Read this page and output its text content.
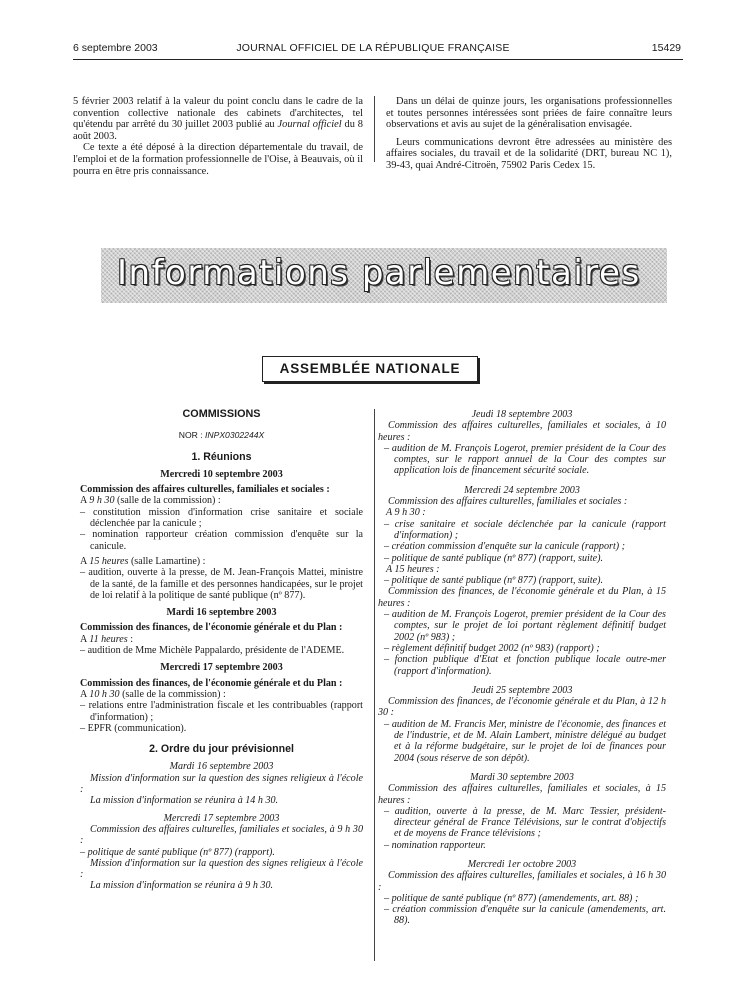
6 septembre 2003	JOURNAL OFFICIEL DE LA RÉPUBLIQUE FRANÇAISE	15429

5 février 2003 relatif à la valeur du point conclu dans le cadre de la convention collective nationale des cabinets d'architectes, tel qu'étendu par arrêté du 30 juillet 2003 publié au Journal officiel du 8 août 2003.

Ce texte a été déposé à la direction départementale du travail, de l'emploi et de la formation professionnelle de l'Oise, à Beauvais, où il pourra en être pris connaissance.

Dans un délai de quinze jours, les organisations professionnelles et toutes personnes intéressées sont priées de faire connaître leurs observations et avis au sujet de la généralisation envisagée.

Leurs communications devront être adressées au ministère des affaires sociales, du travail et de la solidarité (DRT, bureau NC 1), 39-43, quai André-Citroën, 75902 Paris Cedex 15.

Informations parlementaires
ASSEMBLÉE NATIONALE
COMMISSIONS
NOR : INPX0302244X
1. Réunions
Mercredi 10 septembre 2003
Commission des affaires culturelles, familiales et sociales :
A 9 h 30 (salle de la commission) :
– constitution mission d'information crise sanitaire et sociale déclenchée par la canicule ;
– nomination rapporteur création commission d'enquête sur la canicule.
A 15 heures (salle Lamartine) :
– audition, ouverte à la presse, de M. Jean-François Mattei, ministre de la santé, de la famille et des personnes handicapées, sur le projet de loi relatif à la politique de santé publique (nº 877).
Mardi 16 septembre 2003
Commission des finances, de l'économie générale et du Plan :
A 11 heures :
– audition de Mme Michèle Pappalardo, présidente de l'ADEME.
Mercredi 17 septembre 2003
Commission des finances, de l'économie générale et du Plan :
A 10 h 30 (salle de la commission) :
– relations entre l'administration fiscale et les contribuables (rapport d'information) ;
– EPFR (communication).
2. Ordre du jour prévisionnel
Mardi 16 septembre 2003

Mission d'information sur la question des signes religieux à l'école :

La mission d'information se réunira à 14 h 30.

Mercredi 17 septembre 2003

Commission des affaires culturelles, familiales et sociales, à 9 h 30 :

– politique de santé publique (nº 877) (rapport).

Mission d'information sur la question des signes religieux à l'école :

La mission d'information se réunira à 9 h 30.

Jeudi 18 septembre 2003

Commission des affaires culturelles, familiales et sociales, à 10 heures :

– audition de M. François Logerot, premier président de la Cour des comptes, sur le rapport annuel de la Cour des comptes sur application lois de financement sécurité sociale.
Mercredi 24 septembre 2003

Commission des affaires culturelles, familiales et sociales :

A 9 h 30 :
– crise sanitaire et sociale déclenchée par la canicule (rapport d'information) ;
– création commission d'enquête sur la canicule (rapport) ;
– politique de santé publique (nº 877) (rapport, suite).
A 15 heures :
– politique de santé publique (nº 877) (rapport, suite).

Commission des finances, de l'économie générale et du Plan, à 15 heures :

– audition de M. François Logerot, premier président de la Cour des comptes, sur le projet de loi portant règlement définitif budget 2002 (nº 983) ;
– règlement définitif budget 2002 (nº 983) (rapport) ;
– fonction publique d'Etat et fonction publique locale outre-mer (rapport d'information).
Jeudi 25 septembre 2003

Commission des finances, de l'économie générale et du Plan, à 12 h 30 :

– audition de M. Francis Mer, ministre de l'économie, des finances et de l'industrie, et de M. Alain Lambert, ministre délégué au budget et à la réforme budgétaire, sur le projet de loi de finances pour 2004 (sous réserve de son dépôt).
Mardi 30 septembre 2003

Commission des affaires culturelles, familiales et sociales, à 15 heures :

– audition, ouverte à la presse, de M. Marc Tessier, président-directeur général de France Télévisions, sur le contrat d'objectifs et de moyens de France télévisions ;
– nomination rapporteur.
Mercredi 1er octobre 2003

Commission des affaires culturelles, familiales et sociales, à 16 h 30 :

– politique de santé publique (nº 877) (amendements, art. 88) ;
– création commission d'enquête sur la canicule (amendements, art. 88).
